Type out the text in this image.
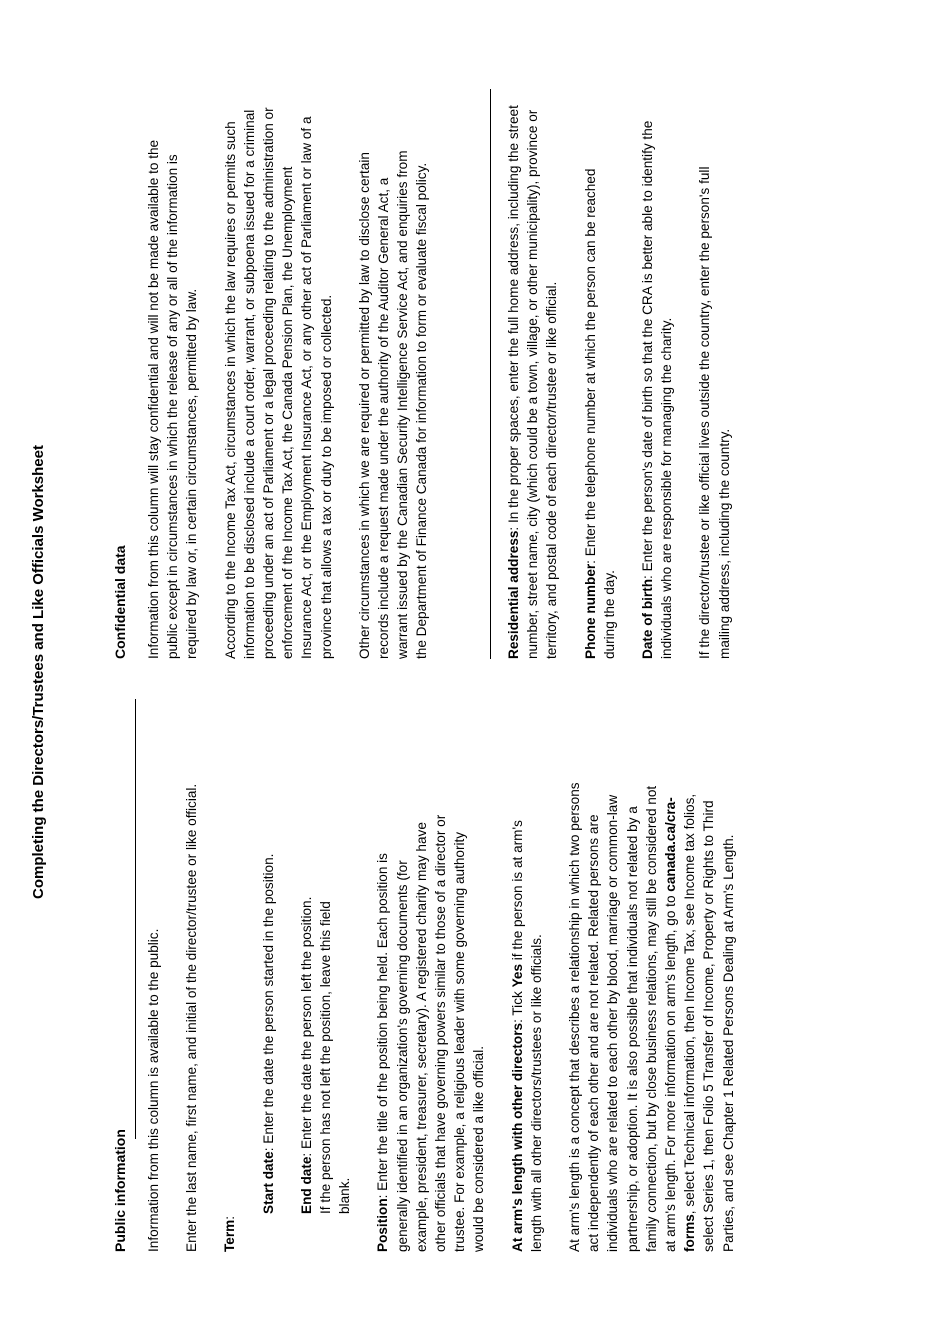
Completing the Directors/Trustees and Like Officials Worksheet
Public information Information from this column is available to the public. Enter the last name, first name, and initial of the director/trustee or like official. Term:

Start date: Enter the date the person started in the position.

End date: Enter the date the person left the position. If the person has not left the position, leave this field blank.

Position: Enter the title of the position being held. Each position is generally identified in an organization's governing documents (for example, president, treasurer, secretary). A registered charity may have other officials that have governing powers similar to those of a director or trustee. For example, a religious leader with some governing authority would be considered a like official. At arm's length with other directors: Tick Yes if the person is at arm's length with all other directors/trustees or like officials. At arm's length is a concept that describes a relationship in which two persons act independently of each other and are not related. Related persons are individuals who are related to each other by blood, marriage or common-law partnership, or adoption. It is also possible that individuals not related by a family connection, but by close business relations, may still be considered not at arm's length. For more information on arm's length, go to canada.ca/cra-forms, select Technical information, then Income Tax, see Income tax folios, select Series 1, then Folio 5 Transfer of Income, Property or Rights to Third Parties, and see Chapter 1 Related Persons Dealing at Arm's Length.

Confidential data Information from this column will stay confidential and will not be made available to the public except in circumstances in which the release of any or all of the information is required by law or, in certain circumstances, permitted by law. According to the Income Tax Act, circumstances in which the law requires or permits such information to be disclosed include a court order, warrant, or subpoena issued for a criminal proceeding under an act of Parliament or a legal proceeding relating to the administration or enforcement of the Income Tax Act, the Canada Pension Plan, the Unemployment Insurance Act, or the Employment Insurance Act, or any other act of Parliament or law of a province that allows a tax or duty to be imposed or collected. Other circumstances in which we are required or permitted by law to disclose certain records include a request made under the authority of the Auditor General Act, a warrant issued by the Canadian Security Intelligence Service Act, and enquiries from the Department of Finance Canada for information to form or evaluate fiscal policy.	Residential address: In the proper spaces, enter the full home address, including the street number, street name, city (which could be a town, village, or other municipality), province or territory, and postal code of each director/trustee or like official. Phone number: Enter the telephone number at which the person can be reached during the day. Date of birth: Enter the person's date of birth so that the CRA is better able to identify the individuals who are responsible for managing the charity. If the director/trustee or like official lives outside the country, enter the person's full mailing address, including the country.
